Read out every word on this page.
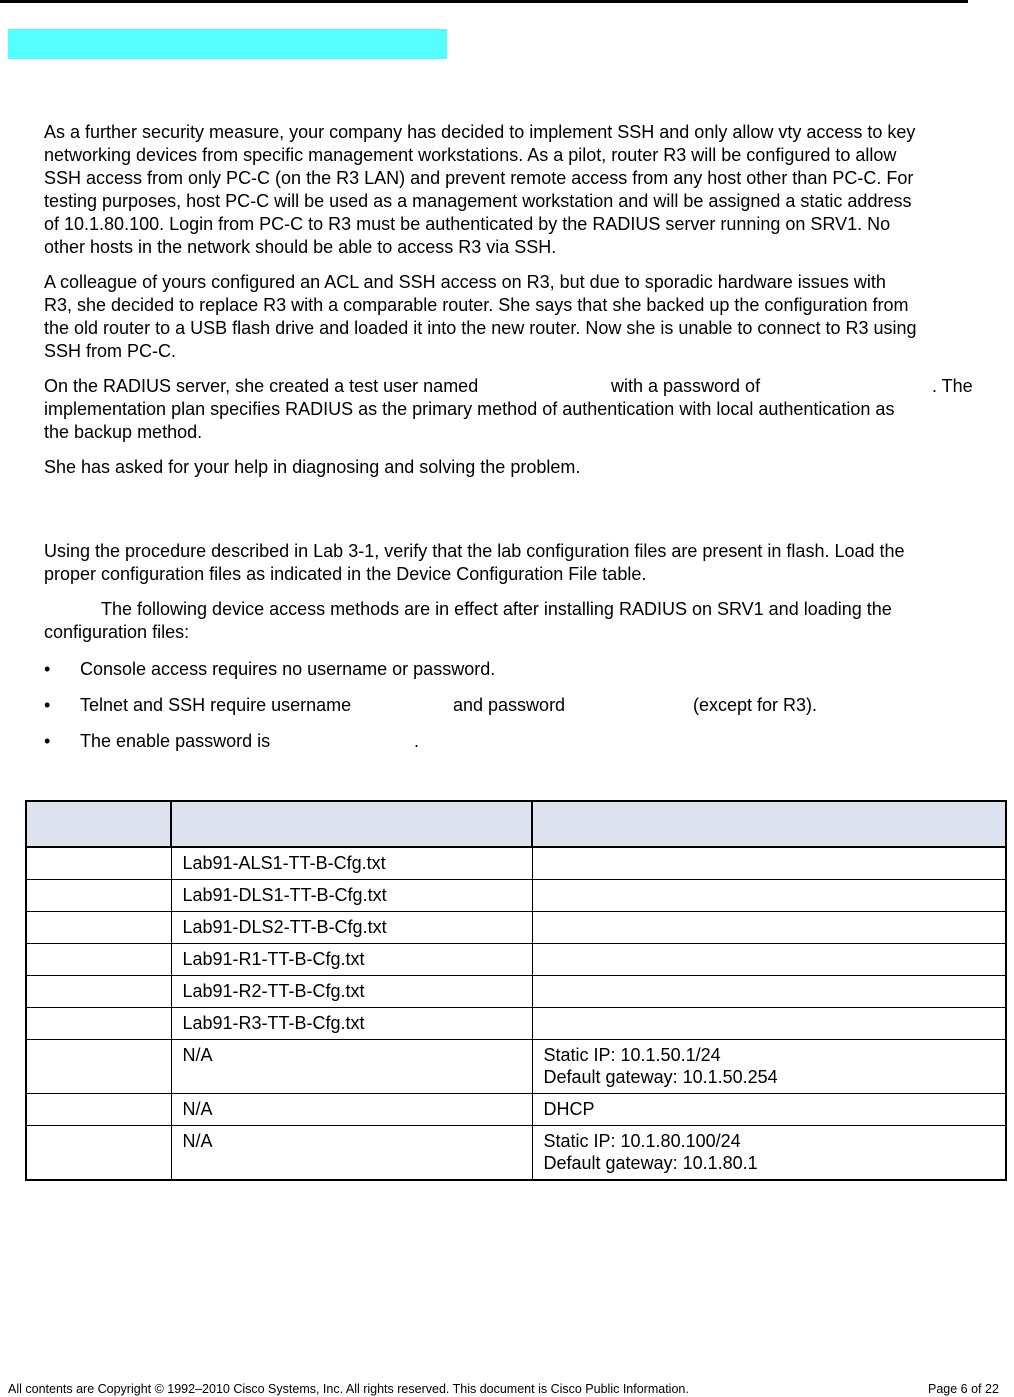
As a further security measure, your company has decided to implement SSH and only allow vty access to key
networking devices from specific management workstations. As a pilot, router R3 will be configured to allow
SSH access from only PC-C (on the R3 LAN) and prevent remote access from any host other than PC-C. For
testing purposes, host PC-C will be used as a management workstation and will be assigned a static address
of 10.1.80.100. Login from PC-C to R3 must be authenticated by the RADIUS server running on SRV1. No
other hosts in the network should be able to access R3 via SSH.
A colleague of yours configured an ACL and SSH access on R3, but due to sporadic hardware issues with
R3, she decided to replace R3 with a comparable router. She says that she backed up the configuration from
the old router to a USB flash drive and loaded it into the new router. Now she is unable to connect to R3 using
SSH from PC-C.
On the RADIUS server, she created a test user named	with a password of	. The
implementation plan specifies RADIUS as the primary method of authentication with local authentication as
the backup method.
She has asked for your help in diagnosing and solving the problem.
Using the procedure described in Lab 3-1, verify that the lab configuration files are present in flash. Load the
proper configuration files as indicated in the Device Configuration File table.
The following device access methods are in effect after installing RADIUS on SRV1 and loading the
configuration files:
• Console access requires no username or password.
• Telnet and SSH require username	and password	(except for R3).
• The enable password is	.

	Lab91-ALS1-TT-B-Cfg.txt	

	Lab91-DLS1-TT-B-Cfg.txt	

	Lab91-DLS2-TT-B-Cfg.txt	

	Lab91-R1-TT-B-Cfg.txt	

	Lab91-R2-TT-B-Cfg.txt	

	Lab91-R3-TT-B-Cfg.txt	

	N/A	Static IP: 10.1.50.1/24
Default gateway: 10.1.50.254

	N/A	DHCP

	N/A	Static IP: 10.1.80.100/24
Default gateway: 10.1.80.1
All contents are Copyright © 1992–2010 Cisco Systems, Inc. All rights reserved. This document is Cisco Public Information.	Page 6 of 22
